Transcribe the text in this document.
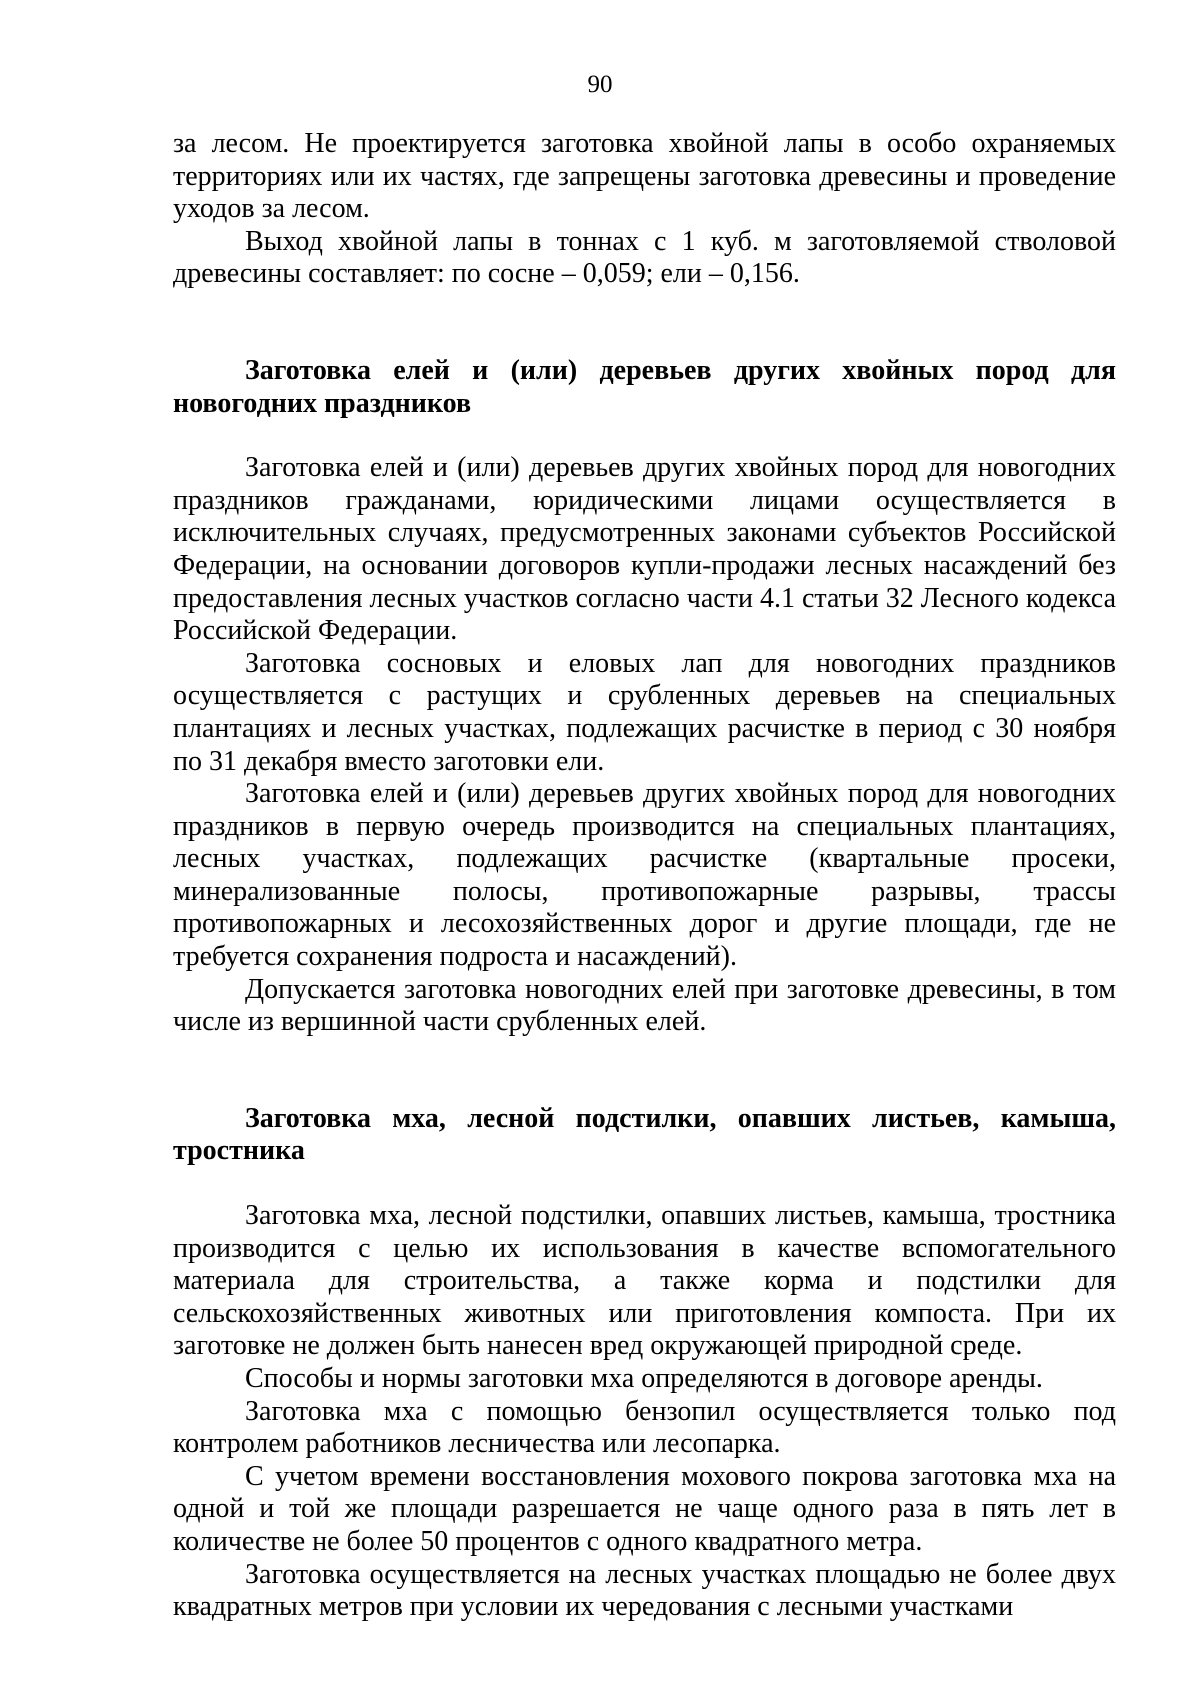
90

за лесом. Не проектируется заготовка хвойной лапы в особо охраняемых территориях или их частях, где запрещены заготовка древесины и проведение уходов за лесом.

Выход хвойной лапы в тоннах с 1 куб. м заготовляемой стволовой древесины составляет: по сосне – 0,059; ели – 0,156.

Заготовка елей и (или) деревьев других хвойных пород для новогодних праздников

Заготовка елей и (или) деревьев других хвойных пород для новогодних праздников гражданами, юридическими лицами осуществляется в исключительных случаях, предусмотренных законами субъектов Российской Федерации, на основании договоров купли-продажи лесных насаждений без предоставления лесных участков согласно части 4.1 статьи 32 Лесного кодекса Российской Федерации.

Заготовка сосновых и еловых лап для новогодних праздников осуществляется с растущих и срубленных деревьев на специальных плантациях и лесных участках, подлежащих расчистке в период с 30 ноября по 31 декабря вместо заготовки ели.

Заготовка елей и (или) деревьев других хвойных пород для новогодних праздников в первую очередь производится на специальных плантациях, лесных участках, подлежащих расчистке (квартальные просеки, минерализованные полосы, противопожарные разрывы, трассы противопожарных и лесохозяйственных дорог и другие площади, где не требуется сохранения подроста и насаждений).

Допускается заготовка новогодних елей при заготовке древесины, в том числе из вершинной части срубленных елей.

Заготовка мха, лесной подстилки, опавших листьев, камыша, тростника

Заготовка мха, лесной подстилки, опавших листьев, камыша, тростника производится с целью их использования в качестве вспомогательного материала для строительства, а также корма и подстилки для сельскохозяйственных животных или приготовления компоста. При их заготовке не должен быть нанесен вред окружающей природной среде.

Способы и нормы заготовки мха определяются в договоре аренды.

Заготовка мха с помощью бензопил осуществляется только под контролем работников лесничества или лесопарка.

С учетом времени восстановления мохового покрова заготовка мха на одной и той же площади разрешается не чаще одного раза в пять лет в количестве не более 50 процентов с одного квадратного метра.

Заготовка осуществляется на лесных участках площадью не более двух квадратных метров при условии их чередования с лесными участками
